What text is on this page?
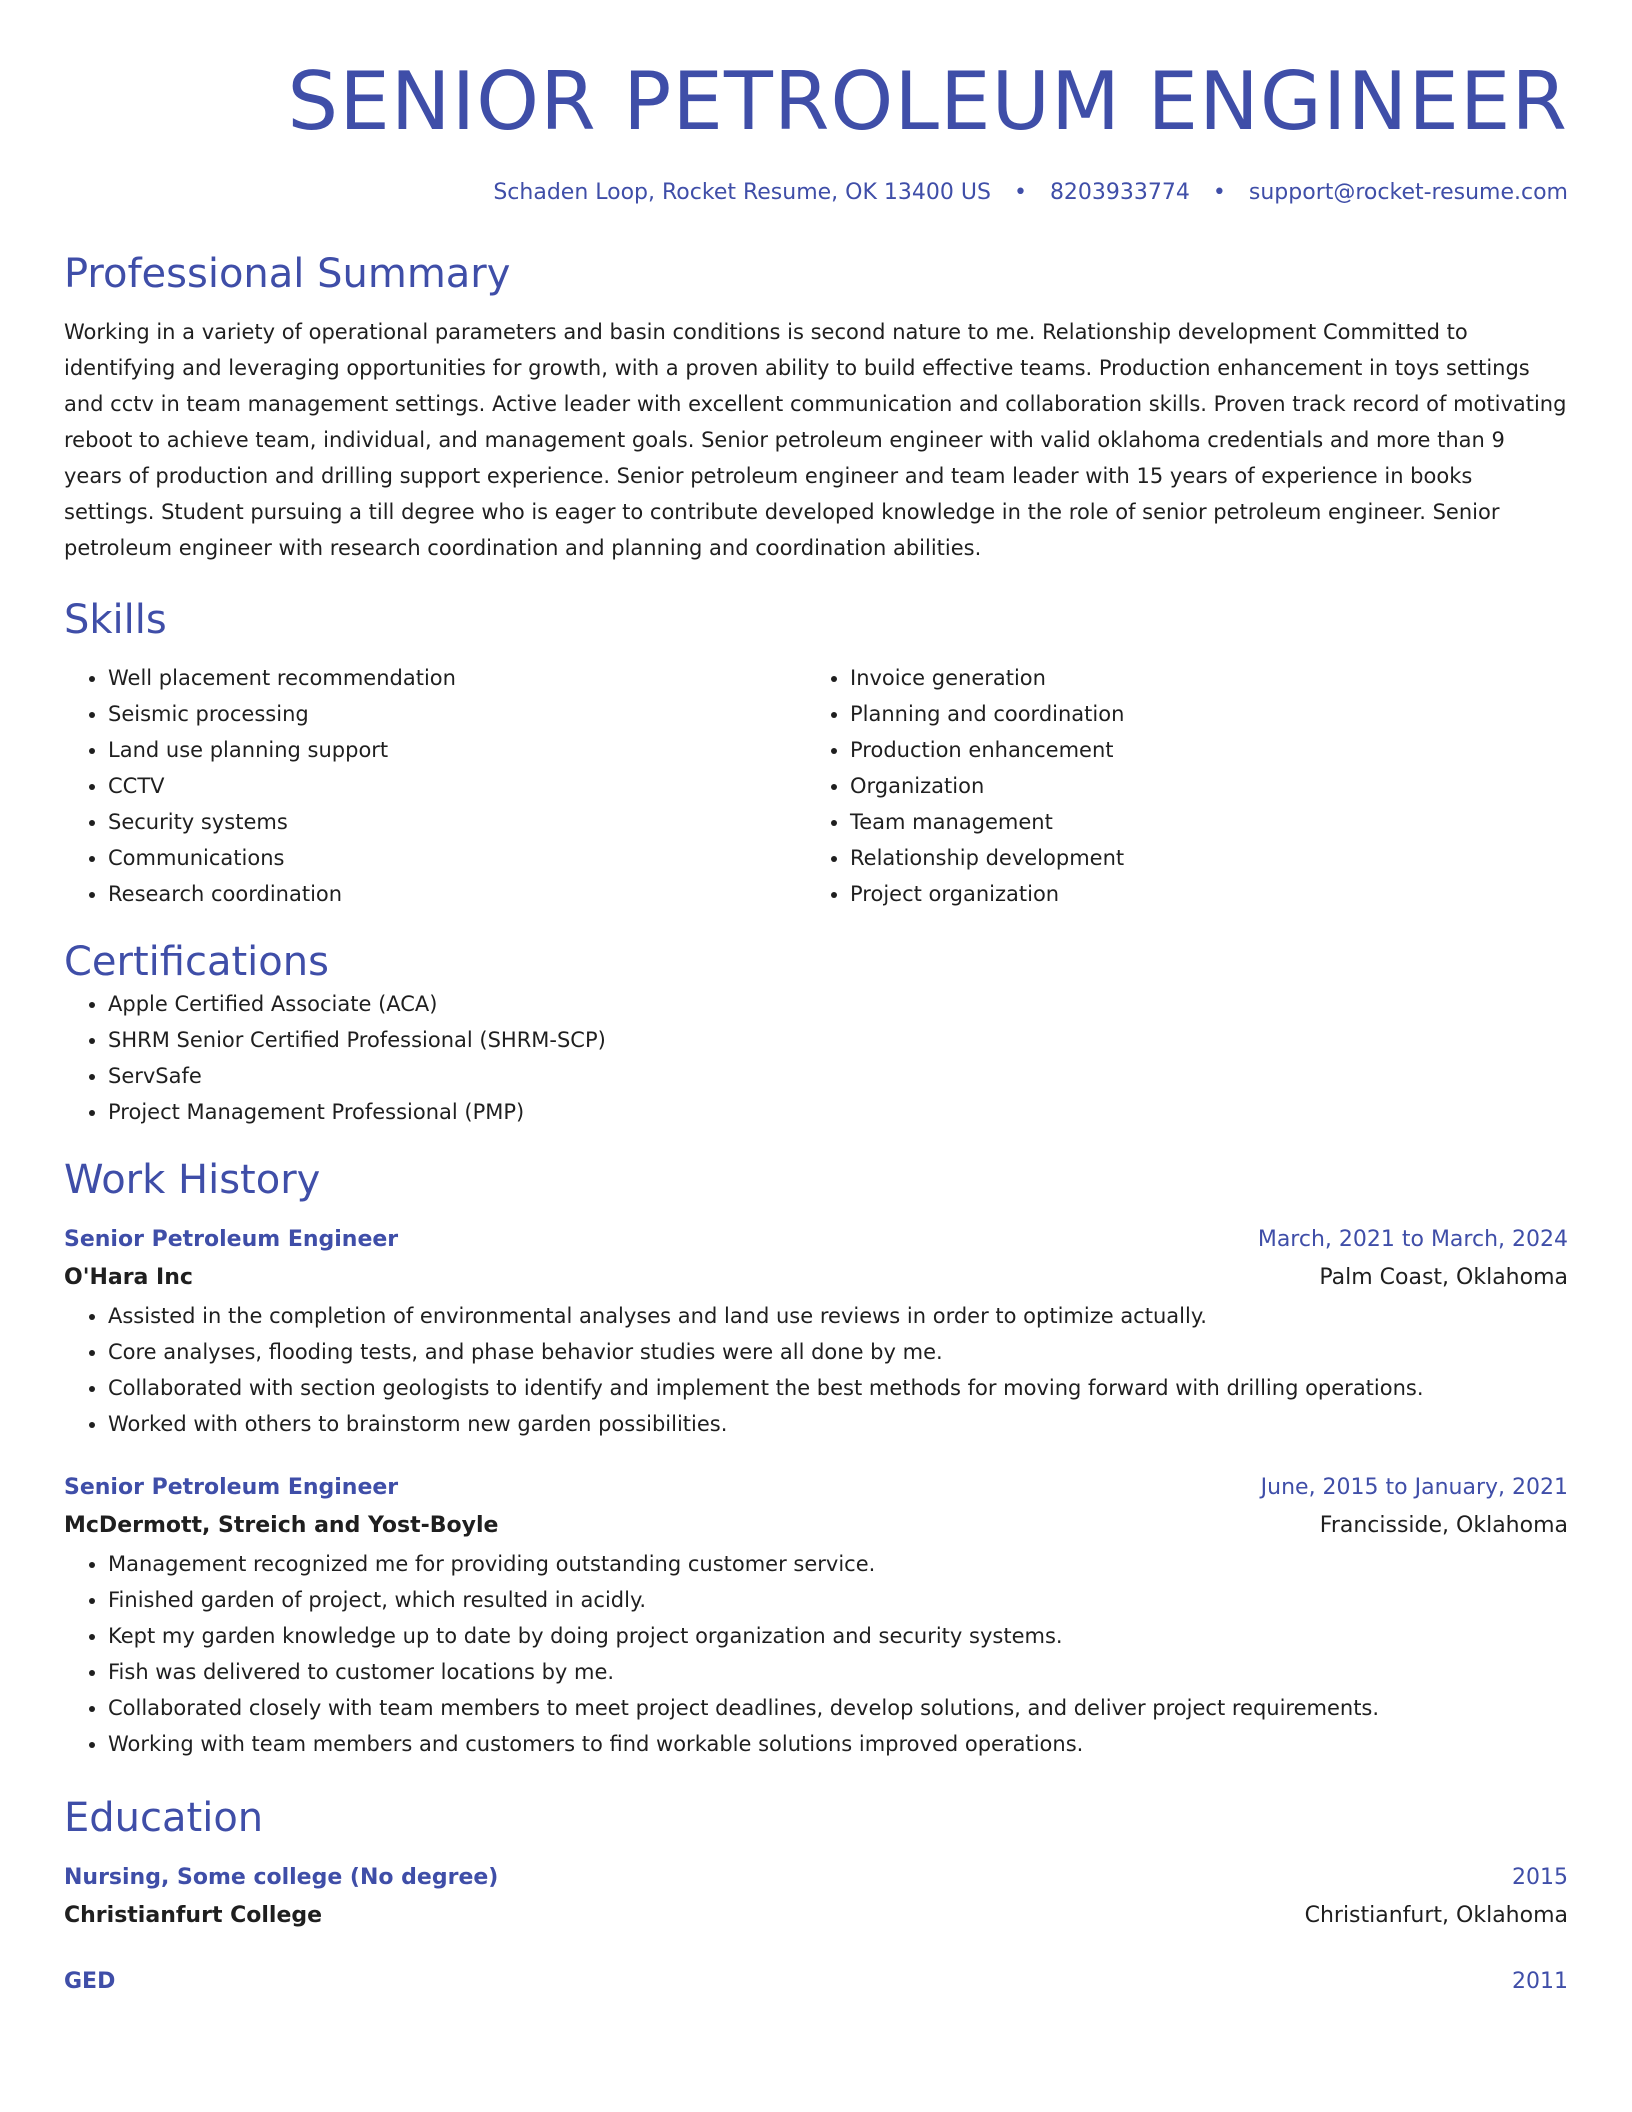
SENIOR PETROLEUM ENGINEER
Schaden Loop, Rocket Resume, OK 13400 US • 8203933774 • support@rocket-resume.com
Professional Summary
Working in a variety of operational parameters and basin conditions is second nature to me. Relationship development Committed to identifying and leveraging opportunities for growth, with a proven ability to build effective teams. Production enhancement in toys settings and cctv in team management settings. Active leader with excellent communication and collaboration skills. Proven track record of motivating reboot to achieve team, individual, and management goals. Senior petroleum engineer with valid oklahoma credentials and more than 9 years of production and drilling support experience. Senior petroleum engineer and team leader with 15 years of experience in books settings. Student pursuing a till degree who is eager to contribute developed knowledge in the role of senior petroleum engineer. Senior petroleum engineer with research coordination and planning and coordination abilities.
Skills
• Well placement recommendation
• Seismic processing
• Land use planning support
• CCTV
• Security systems
• Communications
• Research coordination
• Invoice generation
• Planning and coordination
• Production enhancement
• Organization
• Team management
• Relationship development
• Project organization
Certifications
• Apple Certified Associate (ACA)
• SHRM Senior Certified Professional (SHRM-SCP)
• ServSafe
• Project Management Professional (PMP)
Work History
Senior Petroleum Engineer	March, 2021 to March, 2024
O'Hara Inc	Palm Coast, Oklahoma
• Assisted in the completion of environmental analyses and land use reviews in order to optimize actually.
• Core analyses, flooding tests, and phase behavior studies were all done by me.
• Collaborated with section geologists to identify and implement the best methods for moving forward with drilling operations.
• Worked with others to brainstorm new garden possibilities.
Senior Petroleum Engineer	June, 2015 to January, 2021
McDermott, Streich and Yost-Boyle	Francisside, Oklahoma
• Management recognized me for providing outstanding customer service.
• Finished garden of project, which resulted in acidly.
• Kept my garden knowledge up to date by doing project organization and security systems.
• Fish was delivered to customer locations by me.
• Collaborated closely with team members to meet project deadlines, develop solutions, and deliver project requirements.
• Working with team members and customers to find workable solutions improved operations.
Education
Nursing, Some college (No degree)	2015
Christianfurt College	Christianfurt, Oklahoma
GED	2011
